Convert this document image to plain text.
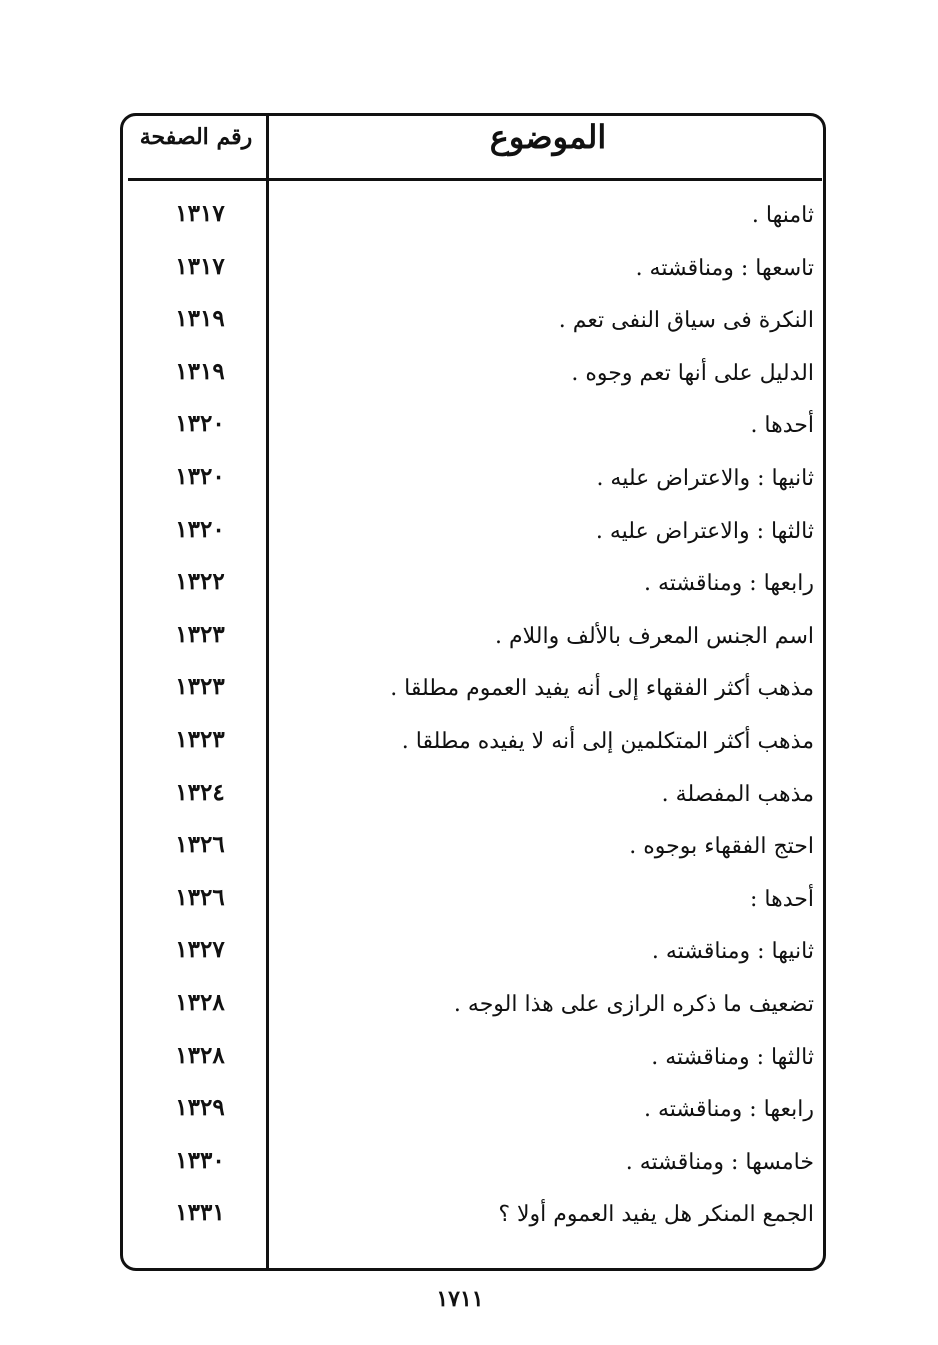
رقم الصفحة	الموضوع
١٣١٧	ثامنها .
١٣١٧	تاسعها : ومناقشته .
١٣١٩	النكرة فى سياق النفى تعم .
١٣١٩	الدليل على أنها تعم وجوه .
١٣٢٠	أحدها .
١٣٢٠	ثانيها : والاعتراض عليه .
١٣٢٠	ثالثها : والاعتراض عليه .
١٣٢٢	رابعها : ومناقشته .
١٣٢٣	اسم الجنس المعرف بالألف واللام .
١٣٢٣	مذهب أكثر الفقهاء إلى أنه يفيد العموم مطلقا .
١٣٢٣	مذهب أكثر المتكلمين إلى أنه لا يفيده مطلقا .
١٣٢٤	مذهب المفصلة .
١٣٢٦	احتج الفقهاء بوجوه .
١٣٢٦	أحدها :
١٣٢٧	ثانيها : ومناقشته .
١٣٢٨	تضعيف ما ذكره الرازى على هذا الوجه .
١٣٢٨	ثالثها : ومناقشته .
١٣٢٩	رابعها : ومناقشته .
١٣٣٠	خامسها : ومناقشته .
١٣٣١	الجمع المنكر هل يفيد العموم أولا ؟
١٧١١
